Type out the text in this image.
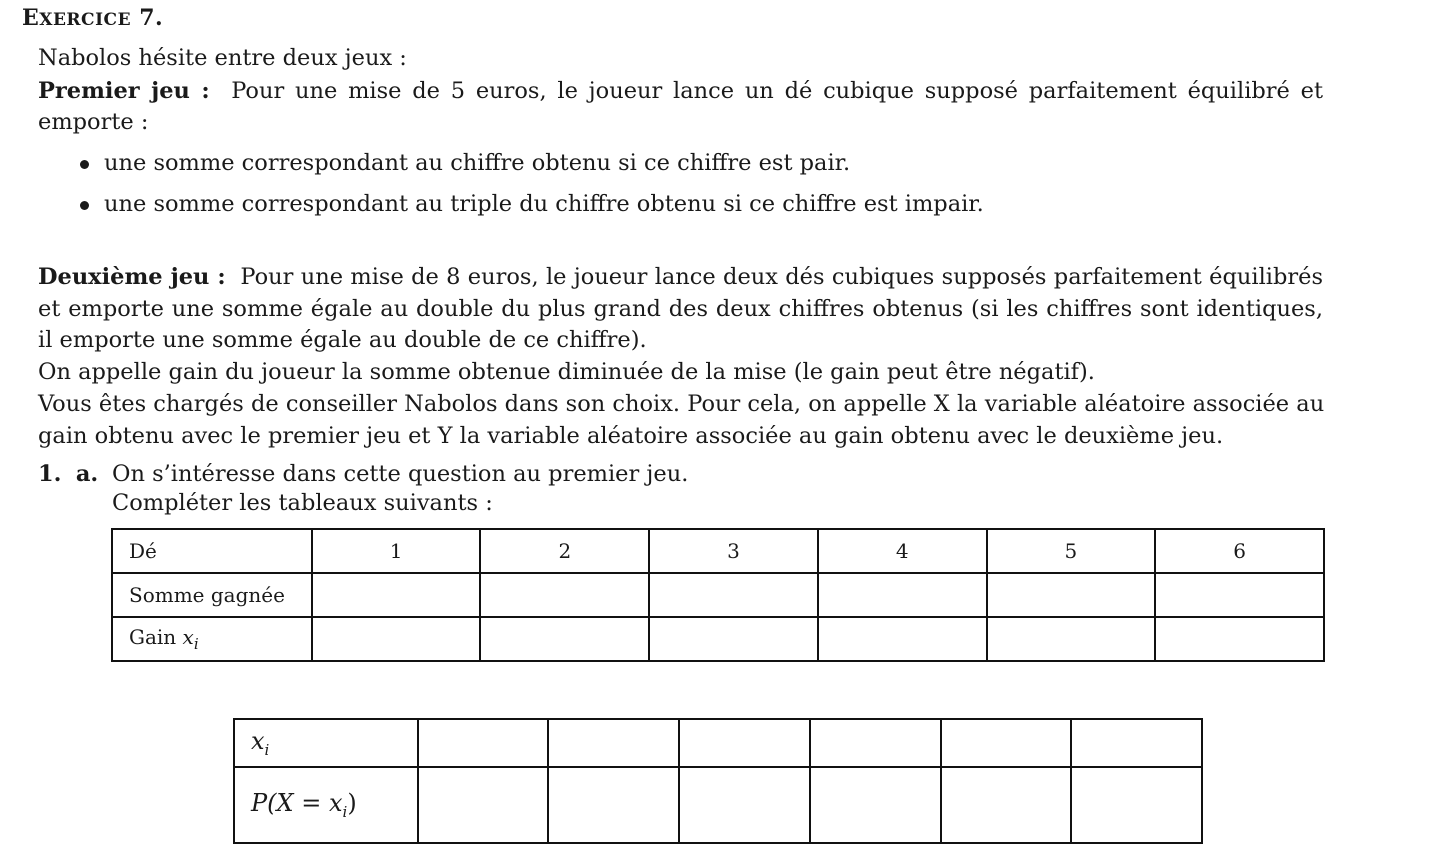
EXERCICE 7.
Nabolos hésite entre deux jeux :
Premier jeu : Pour une mise de 5 euros, le joueur lance un dé cubique supposé parfaitement équilibré et
emporte :
une somme correspondant au chiffre obtenu si ce chiffre est pair.
une somme correspondant au triple du chiffre obtenu si ce chiffre est impair.
Deuxième jeu : Pour une mise de 8 euros, le joueur lance deux dés cubiques supposés parfaitement équilibrés
et emporte une somme égale au double du plus grand des deux chiffres obtenus (si les chiffres sont identiques,
il emporte une somme égale au double de ce chiffre).
On appelle gain du joueur la somme obtenue diminuée de la mise (le gain peut être négatif).
Vous êtes chargés de conseiller Nabolos dans son choix. Pour cela, on appelle X la variable aléatoire associée au
gain obtenu avec le premier jeu et Y la variable aléatoire associée au gain obtenu avec le deuxième jeu.
1. a. On s’intéresse dans cette question au premier jeu.
Compléter les tableaux suivants :
Dé	1	2	3	4	5	6
Somme gagnée						
Gain $x_i$						
$x_i$						
$P(X = x_i)$						
